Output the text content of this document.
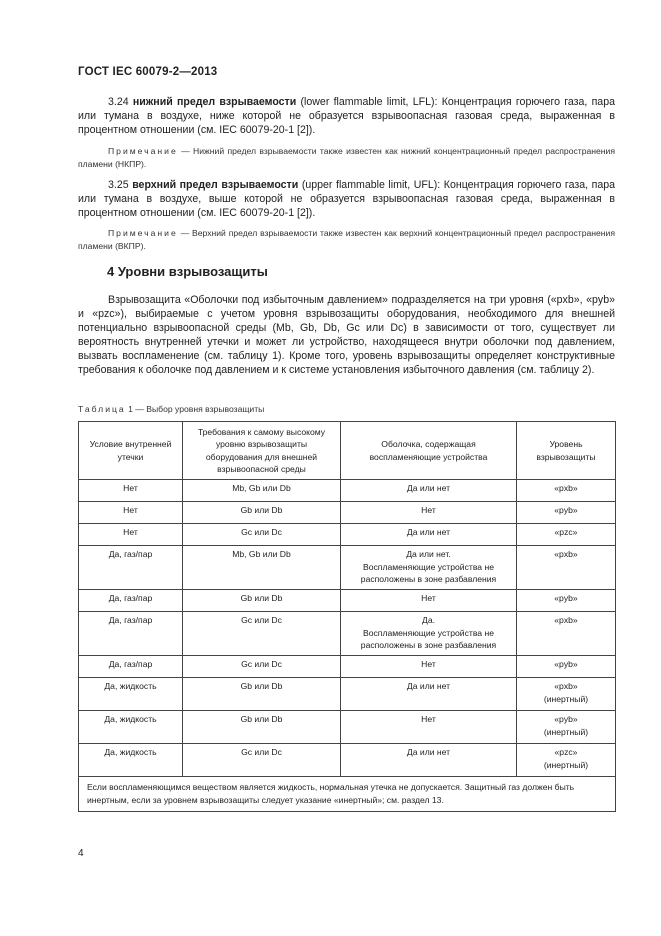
ГОСТ IEC 60079-2—2013
3.24 нижний предел взрываемости (lower flammable limit, LFL): Концентрация горючего газа, пара или тумана в воздухе, ниже которой не образуется взрывоопасная газовая среда, выраженная в процентном отношении (см. IEC 60079-20-1 [2]).
Примечание — Нижний предел взрываемости также известен как нижний концентрационный предел распространения пламени (НКПР).
3.25 верхний предел взрываемости (upper flammable limit, UFL): Концентрация горючего газа, пара или тумана в воздухе, выше которой не образуется взрывоопасная газовая среда, выраженная в процентном отношении (см. IEC 60079-20-1 [2]).
Примечание — Верхний предел взрываемости также известен как верхний концентрационный предел распространения пламени (ВКПР).
4 Уровни взрывозащиты
Взрывозащита «Оболочки под избыточным давлением» подразделяется на три уровня («pxb», «pyb» и «pzc»), выбираемые с учетом уровня взрывозащиты оборудования, необходимого для внешней потенциально взрывоопасной среды (Mb, Gb, Db, Gc или Dc) в зависимости от того, существует ли вероятность внутренней утечки и может ли устройство, находящееся внутри оболочки под давлением, вызвать воспламенение (см. таблицу 1). Кроме того, уровень взрывозащиты определяет конструктивные требования к оболочке под давлением и к системе установления избыточного давления (см. таблицу 2).
Таблица 1 — Выбор уровня взрывозащиты
Условие внутренней утечки	Требования к самому высокому уровню взрывозащиты оборудования для внешней взрывоопасной среды	Оболочка, содержащая воспламеняющие устройства	Уровень взрывозащиты
Нет	Mb, Gb или Db	Да или нет	«pxb»
Нет	Gb или Db	Нет	«pyb»
Нет	Gc или Dc	Да или нет	«pzc»
Да, газ/пар	Mb, Gb или Db	Да или нет.
Воспламеняющие устройства не расположены в зоне разбавления	«pxb»
Да, газ/пар	Gb или Db	Нет	«pyb»
Да, газ/пар	Gc или Dc	Да.
Воспламеняющие устройства не расположены в зоне разбавления	«pxb»
Да, газ/пар	Gc или Dc	Нет	«pyb»
Да, жидкость	Gb или Db	Да или нет	«pxb»
(инертный)
Да, жидкость	Gb или Db	Нет	«pyb»
(инертный)
Да, жидкость	Gc или Dc	Да или нет	«pzc»
(инертный)
Если воспламеняющимся веществом является жидкость, нормальная утечка не допускается. Защитный газ должен быть инертным, если за уровнем взрывозащиты следует указание «инертный»; см. раздел 13.			
4
